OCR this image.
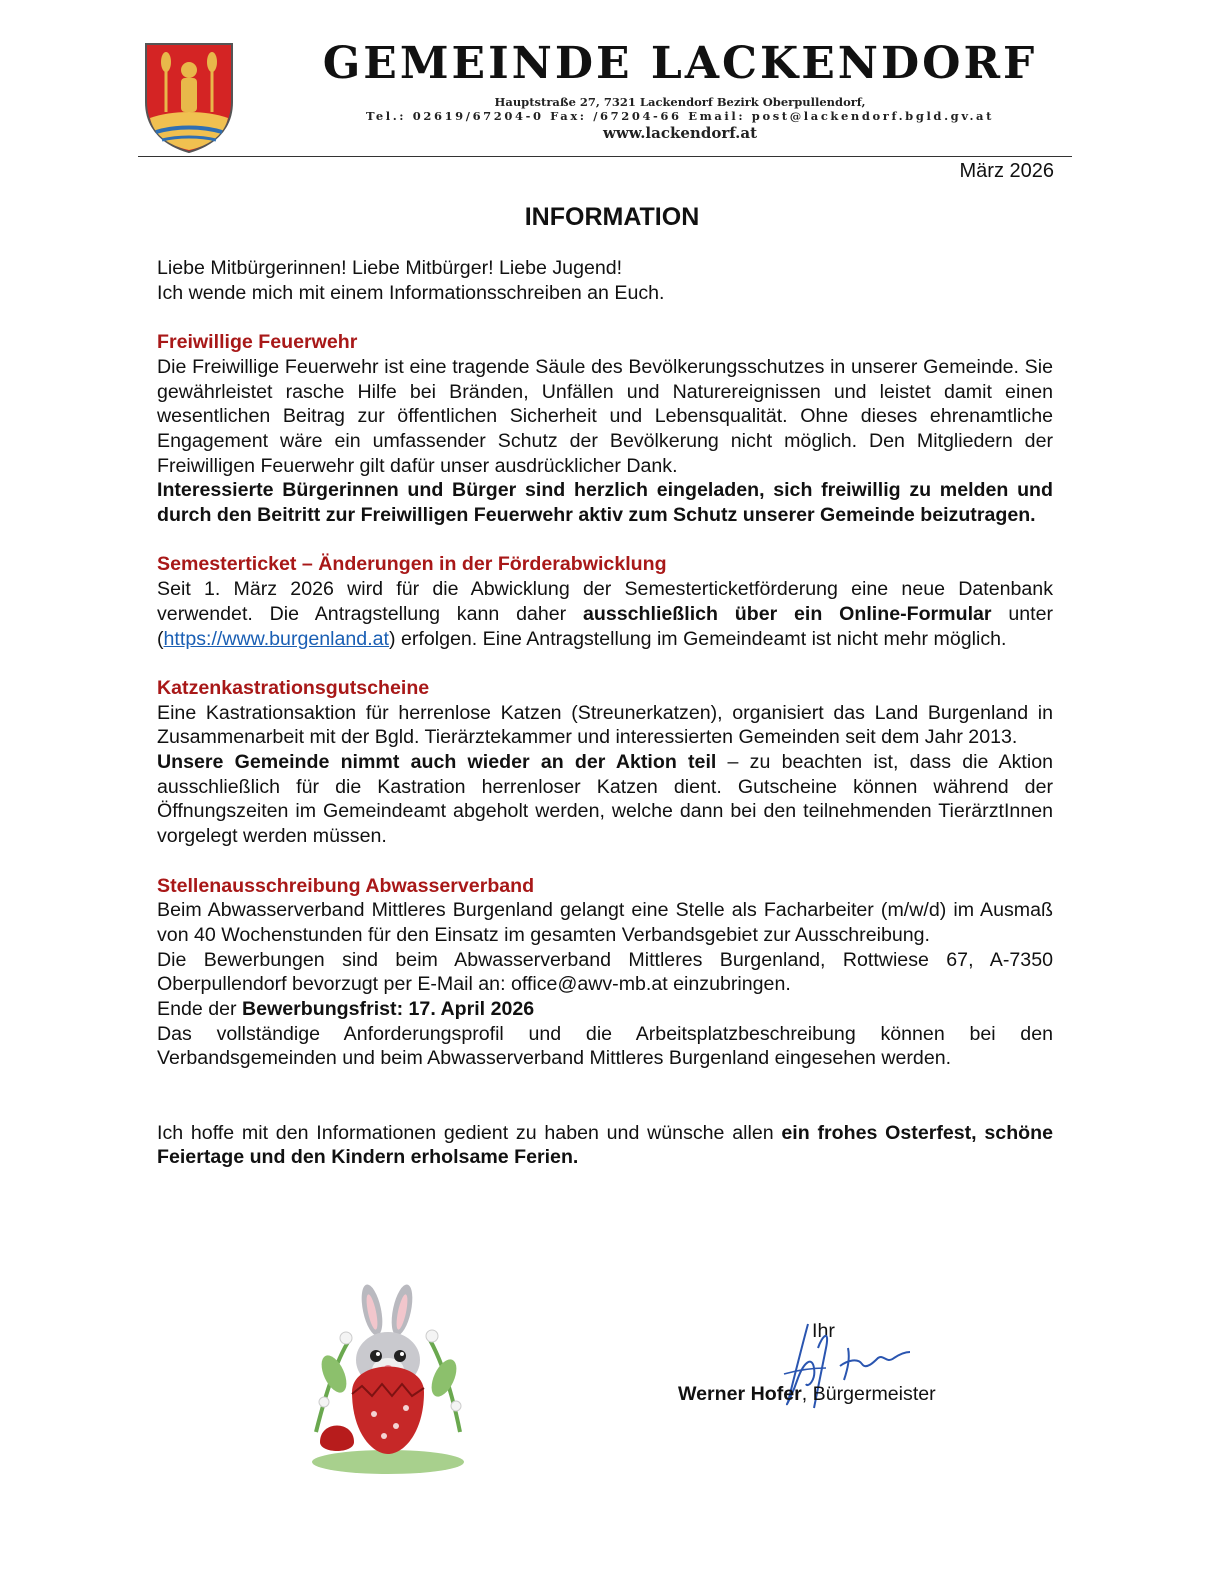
GEMEINDE LACKENDORF
Hauptstraße 27, 7321 Lackendorf Bezirk Oberpullendorf,
Tel.: 02619/67204-0 Fax: /67204-66 Email: post@lackendorf.bgld.gv.at
www.lackendorf.at
März 2026
INFORMATION

Liebe Mitbürgerinnen! Liebe Mitbürger! Liebe Jugend!
Ich wende mich mit einem Informationsschreiben an Euch.

Freiwillige Feuerwehr

Die Freiwillige Feuerwehr ist eine tragende Säule des Bevölkerungsschutzes in unserer Gemeinde. Sie gewährleistet rasche Hilfe bei Bränden, Unfällen und Naturereignissen und leistet damit einen wesentlichen Beitrag zur öffentlichen Sicherheit und Lebensqualität. Ohne dieses ehrenamtliche Engagement wäre ein umfassender Schutz der Bevölkerung nicht möglich. Den Mitgliedern der Freiwilligen Feuerwehr gilt dafür unser ausdrücklicher Dank.

Interessierte Bürgerinnen und Bürger sind herzlich eingeladen, sich freiwillig zu melden und durch den Beitritt zur Freiwilligen Feuerwehr aktiv zum Schutz unserer Gemeinde beizutragen.

Semesterticket – Änderungen in der Förderabwicklung

Seit 1. März 2026 wird für die Abwicklung der Semesterticketförderung eine neue Datenbank verwendet. Die Antragstellung kann daher ausschließlich über ein Online-Formular unter (https://www.burgenland.at) erfolgen. Eine Antragstellung im Gemeindeamt ist nicht mehr möglich.

Katzenkastrationsgutscheine

Eine Kastrationsaktion für herrenlose Katzen (Streunerkatzen), organisiert das Land Burgenland in Zusammenarbeit mit der Bgld. Tierärztekammer und interessierten Gemeinden seit dem Jahr 2013.

Unsere Gemeinde nimmt auch wieder an der Aktion teil – zu beachten ist, dass die Aktion ausschließlich für die Kastration herrenloser Katzen dient. Gutscheine können während der Öffnungszeiten im Gemeindeamt abgeholt werden, welche dann bei den teilnehmenden TierärztInnen vorgelegt werden müssen.

Stellenausschreibung Abwasserverband

Beim Abwasserverband Mittleres Burgenland gelangt eine Stelle als Facharbeiter (m/w/d) im Ausmaß von 40 Wochenstunden für den Einsatz im gesamten Verbandsgebiet zur Ausschreibung.

Die Bewerbungen sind beim Abwasserverband Mittleres Burgenland, Rottwiese 67, A-7350 Oberpullendorf bevorzugt per E-Mail an: office@awv-mb.at einzubringen.

Ende der Bewerbungsfrist: 17. April 2026

Das vollständige Anforderungsprofil und die Arbeitsplatzbeschreibung können bei den Verbandsgemeinden und beim Abwasserverband Mittleres Burgenland eingesehen werden.

Ich hoffe mit den Informationen gedient zu haben und wünsche allen ein frohes Osterfest, schöne Feiertage und den Kindern erholsame Ferien.

Ihr
Werner Hofer, Bürgermeister
